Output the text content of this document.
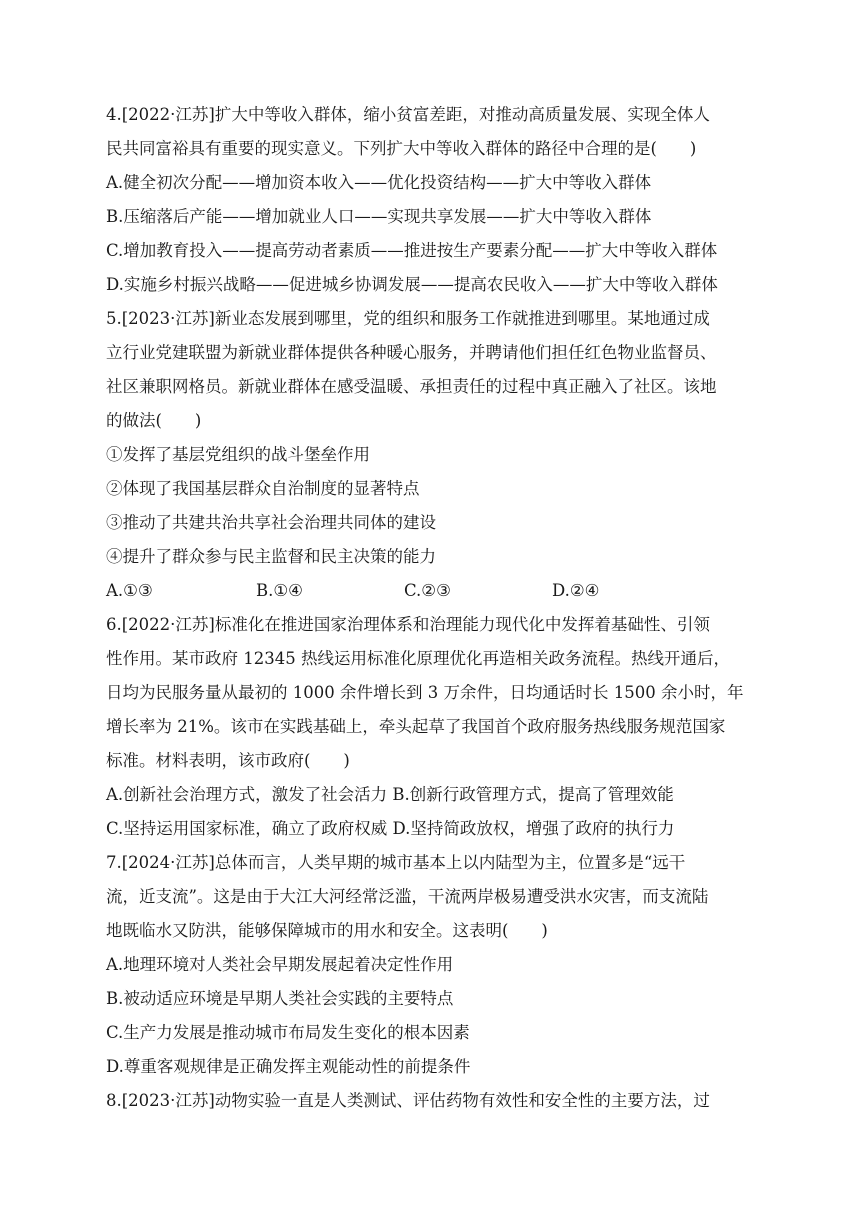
4.[2022·江苏]扩大中等收入群体，缩小贫富差距，对推动高质量发展、实现全体人
民共同富裕具有重要的现实意义。下列扩大中等收入群体的路径中合理的是(　　)
A.健全初次分配——增加资本收入——优化投资结构——扩大中等收入群体
B.压缩落后产能——增加就业人口——实现共享发展——扩大中等收入群体
C.增加教育投入——提高劳动者素质——推进按生产要素分配——扩大中等收入群体
D.实施乡村振兴战略——促进城乡协调发展——提高农民收入——扩大中等收入群体
5.[2023·江苏]新业态发展到哪里，党的组织和服务工作就推进到哪里。某地通过成
立行业党建联盟为新就业群体提供各种暖心服务，并聘请他们担任红色物业监督员、
社区兼职网格员。新就业群体在感受温暖、承担责任的过程中真正融入了社区。该地
的做法(　　)
①发挥了基层党组织的战斗堡垒作用
②体现了我国基层群众自治制度的显著特点
③推动了共建共治共享社会治理共同体的建设
④提升了群众参与民主监督和民主决策的能力
A.①③	B.①④	C.②③	D.②④
6.[2022·江苏]标准化在推进国家治理体系和治理能力现代化中发挥着基础性、引领
性作用。某市政府 12345 热线运用标准化原理优化再造相关政务流程。热线开通后，
日均为民服务量从最初的 1000 余件增长到 3 万余件，日均通话时长 1500 余小时，年
增长率为 21%。该市在实践基础上，牵头起草了我国首个政府服务热线服务规范国家
标准。材料表明，该市政府(　　)
A.创新社会治理方式，激发了社会活力 B.创新行政管理方式，提高了管理效能
C.坚持运用国家标准，确立了政府权威 D.坚持简政放权，增强了政府的执行力
7.[2024·江苏]总体而言，人类早期的城市基本上以内陆型为主，位置多是“远干
流，近支流”。这是由于大江大河经常泛滥，干流两岸极易遭受洪水灾害，而支流陆
地既临水又防洪，能够保障城市的用水和安全。这表明(　　)
A.地理环境对人类社会早期发展起着决定性作用
B.被动适应环境是早期人类社会实践的主要特点
C.生产力发展是推动城市布局发生变化的根本因素
D.尊重客观规律是正确发挥主观能动性的前提条件
8.[2023·江苏]动物实验一直是人类测试、评估药物有效性和安全性的主要方法，过
